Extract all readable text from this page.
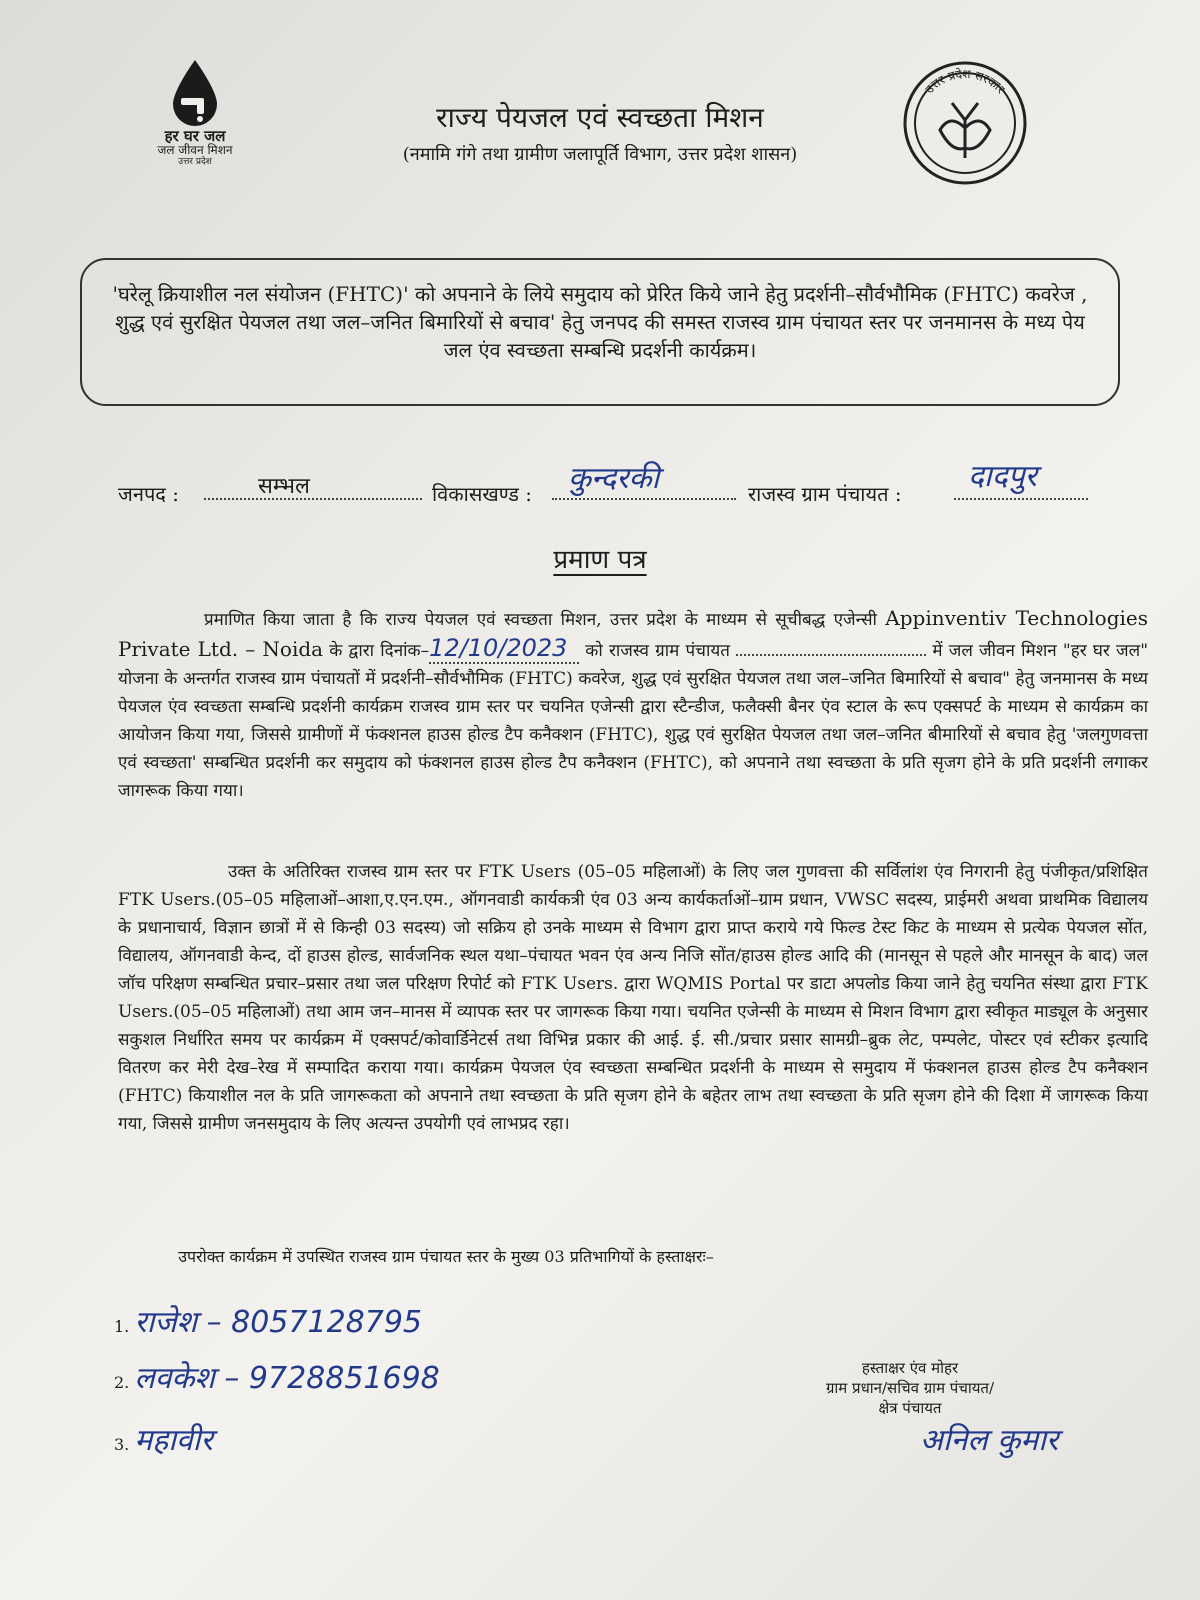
हर घर जल
जल जीवन मिशन
उत्तर प्रदेश
राज्य पेयजल एवं स्वच्छता मिशन
(नमामि गंगे तथा ग्रामीण जलापूर्ति विभाग, उत्तर प्रदेश शासन)
उत्तर प्रदेश सरकार
'घरेलू क्रियाशील नल संयोजन (FHTC)' को अपनाने के लिये समुदाय को प्रेरित किये जाने हेतु प्रदर्शनी–सौर्वभौमिक (FHTC) कवरेज , शुद्ध एवं सुरक्षित पेयजल तथा जल–जनित बिमारियों से बचाव' हेतु जनपद की समस्त राजस्व ग्राम पंचायत स्तर पर जनमानस के मध्य पेय जल एंव स्वच्छता सम्बन्धि प्रदर्शनी कार्यक्रम।
जनपद :	सम्भल	विकासखण्ड : कुन्दरकी	राजस्व ग्राम पंचायत : दादपुर
प्रमाण पत्र
प्रमाणित किया जाता है कि राज्य पेयजल एवं स्वच्छता मिशन, उत्तर प्रदेश के माध्यम से सूचीबद्ध एजेन्सी Appinventiv Technologies Private Ltd. – Noida के द्वारा दिनांक–12/10/2023 को राजस्व ग्राम पंचायत	में जल जीवन मिशन "हर घर जल" योजना के अन्तर्गत राजस्व ग्राम पंचायतों में प्रदर्शनी–सौर्वभौमिक (FHTC) कवरेज, शुद्ध एवं सुरक्षित पेयजल तथा जल–जनित बिमारियों से बचाव" हेतु जनमानस के मध्य पेयजल एंव स्वच्छता सम्बन्धि प्रदर्शनी कार्यक्रम राजस्व ग्राम स्तर पर चयनित एजेन्सी द्वारा स्टैन्डीज, फलैक्सी बैनर एंव स्टाल के रूप एक्सपर्ट के माध्यम से कार्यक्रम का आयोजन किया गया, जिससे ग्रामीणों में फंक्शनल हाउस होल्ड टैप कनैक्शन (FHTC), शुद्ध एवं सुरक्षित पेयजल तथा जल–जनित बीमारियों से बचाव हेतु 'जलगुणवत्ता एवं स्वच्छता' सम्बन्धित प्रदर्शनी कर समुदाय को फंक्शनल हाउस होल्ड टैप कनैक्शन (FHTC), को अपनाने तथा स्वच्छता के प्रति सृजग होने के प्रति प्रदर्शनी लगाकर जागरूक किया गया।
उक्त के अतिरिक्त राजस्व ग्राम स्तर पर FTK Users (05–05 महिलाओं) के लिए जल गुणवत्ता की सर्विलांश एंव निगरानी हेतु पंजीकृत/प्रशिक्षित FTK Users.(05–05 महिलाओं–आशा,ए.एन.एम., ऑगनवाडी कार्यकत्री एंव 03 अन्य कार्यकर्ताओं–ग्राम प्रधान, VWSC सदस्य, प्राईमरी अथवा प्राथमिक विद्यालय के प्रधानाचार्य, विज्ञान छात्रों में से किन्ही 03 सदस्य) जो सक्रिय हो उनके माध्यम से विभाग द्वारा प्राप्त कराये गये फिल्ड टेस्ट किट के माध्यम से प्रत्येक पेयजल सोंत, विद्यालय, ऑगनवाडी केन्द, दों हाउस होल्ड, सार्वजनिक स्थल यथा–पंचायत भवन एंव अन्य निजि सोंत/हाउस होल्ड आदि की (मानसून से पहले और मानसून के बाद) जल जॉच परिक्षण सम्बन्धित प्रचार–प्रसार तथा जल परिक्षण रिपोर्ट को FTK Users. द्वारा WQMIS Portal पर डाटा अपलोड किया जाने हेतु चयनित संस्था द्वारा FTK Users.(05–05 महिलाओं) तथा आम जन–मानस में व्यापक स्तर पर जागरूक किया गया। चयनित एजेन्सी के माध्यम से मिशन विभाग द्वारा स्वीकृत माड्यूल के अनुसार सकुशल निर्धारित समय पर कार्यक्रम में एक्सपर्ट/कोवार्डिनेटर्स तथा विभिन्न प्रकार की आई. ई. सी./प्रचार प्रसार सामग्री–ब्रुक लेट, पम्पलेट, पोस्टर एवं स्टीकर इत्यादि वितरण कर मेरी देख–रेख में सम्पादित कराया गया। कार्यक्रम पेयजल एंव स्वच्छता सम्बन्धित प्रदर्शनी के माध्यम से समुदाय में फंक्शनल हाउस होल्ड टैप कनैक्शन (FHTC) कियाशील नल के प्रति जागरूकता को अपनाने तथा स्वच्छता के प्रति सृजग होने के बहेतर लाभ तथा स्वच्छता के प्रति सृजग होने की दिशा में जागरूक किया गया, जिससे ग्रामीण जनसमुदाय के लिए अत्यन्त उपयोगी एवं लाभप्रद रहा।
उपरोक्त कार्यक्रम में उपस्थित राजस्व ग्राम पंचायत स्तर के मुख्य 03 प्रतिभागियों के हस्ताक्षरः–
1. राजेश – 8057128795
2. लवकेश – 9728851698
3. महावीर
हस्ताक्षर एंव मोहर
ग्राम प्रधान/सचिव ग्राम पंचायत/
क्षेत्र पंचायत
अनिल कुमार
